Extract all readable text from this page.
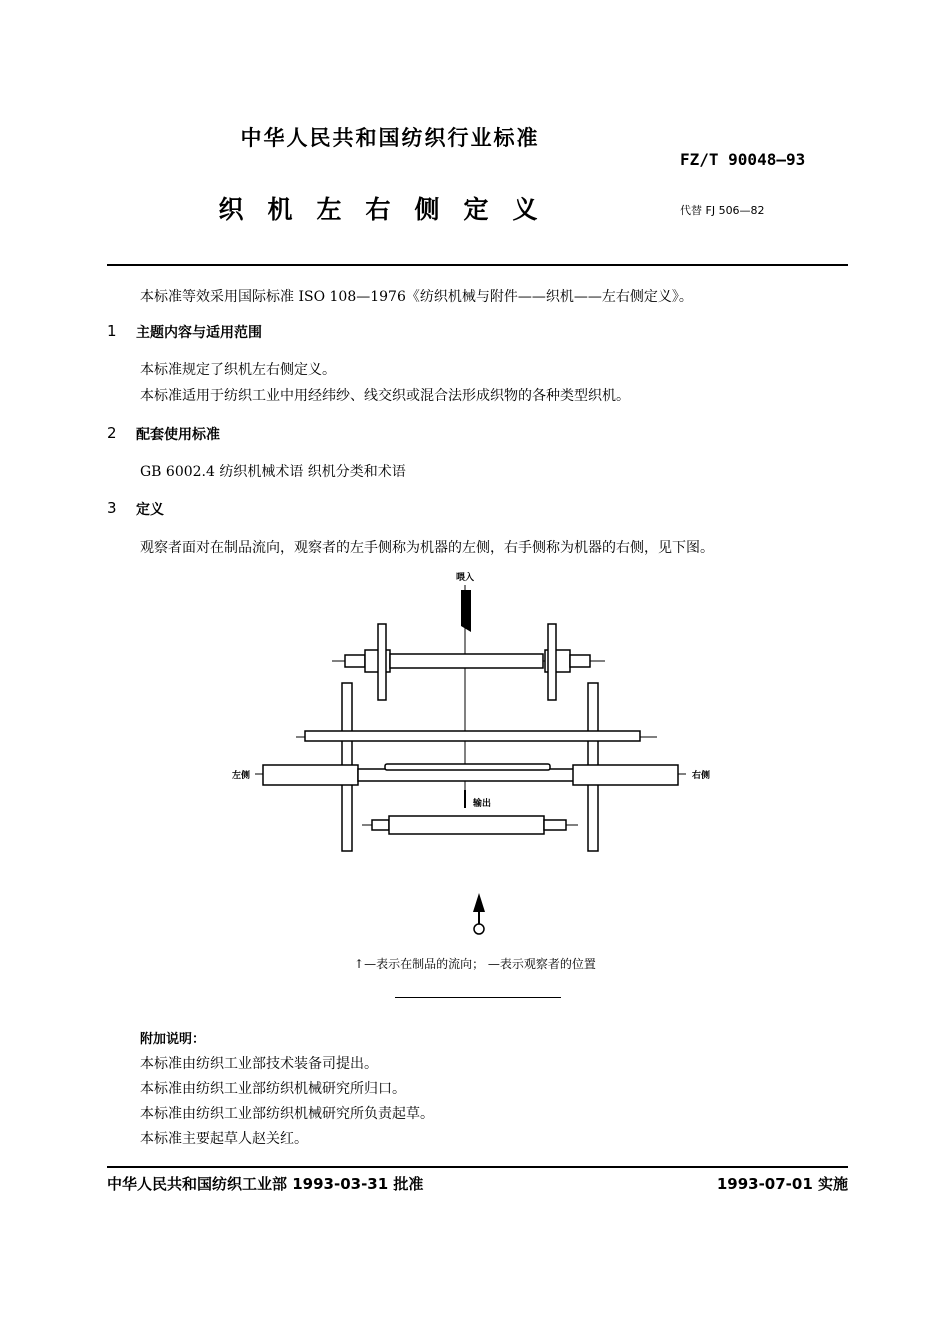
中华人民共和国纺织行业标准
FZ/T 90048—93
织机左右侧定义	代替 FJ 506—82
本标准等效采用国际标准 ISO 108—1976《纺织机械与附件——织机——左右侧定义》。
1 主题内容与适用范围
本标准规定了织机左右侧定义。
本标准适用于纺织工业中用经纬纱、线交织或混合法形成织物的各种类型织机。
2 配套使用标准
GB 6002.4 纺织机械术语 织机分类和术语
3 定义
观察者面对在制品流向，观察者的左手侧称为机器的左侧，右手侧称为机器的右侧，见下图。
喂入
左侧	右侧
输出
↑—表示在制品的流向； —表示观察者的位置
附加说明：
本标准由纺织工业部技术装备司提出。
本标准由纺织工业部纺织机械研究所归口。
本标准由纺织工业部纺织机械研究所负责起草。
本标准主要起草人赵关红。
中华人民共和国纺织工业部 1993-03-31 批准	1993-07-01 实施
